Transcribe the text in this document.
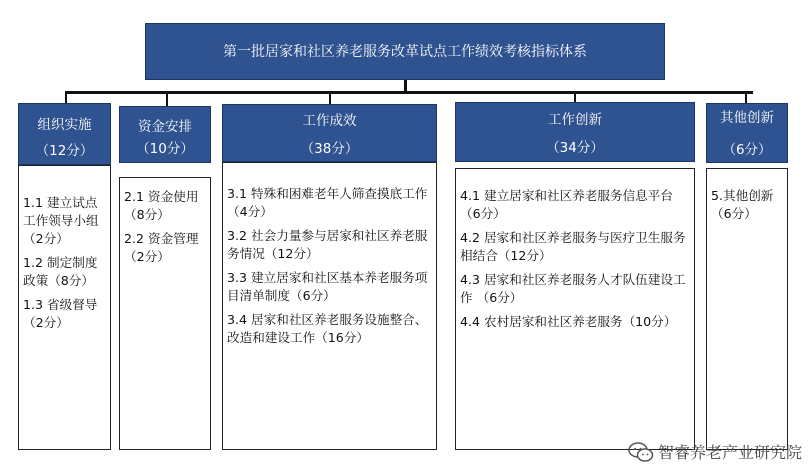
第一批居家和社区养老服务改革试点工作绩效考核指标体系
组织实施
（12分）
1.1 建立试点工作领导小组（2分）
1.2 制定制度政策（8分）
1.3 省级督导（2分）
资金安排
（10分）
2.1 资金使用（8分）
2.2 资金管理（2分）
工作成效
（38分）
3.1 特殊和困难老年人筛查摸底工作（4分）
3.2 社会力量参与居家和社区养老服务情况（12分）
3.3 建立居家和社区基本养老服务项目清单制度（6分）
3.4 居家和社区养老服务设施整合、改造和建设工作（16分）
工作创新
（34分）
4.1 建立居家和社区养老服务信息平台 （6分）
4.2 居家和社区养老服务与医疗卫生服务相结合（12分）
4.3 居家和社区养老服务人才队伍建设工作 （6分）
4.4 农村居家和社区养老服务（10分）
其他创新
（6分）
5.其他创新 （6分）
智睿养老产业研究院
